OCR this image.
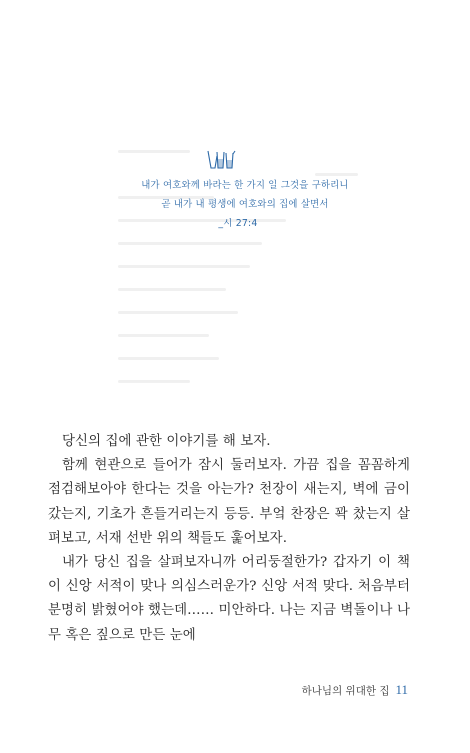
내가 여호와께 바라는 한 가지 일 그것을 구하리니
곧 내가 내 평생에 여호와의 집에 살면서
_시 27:4

당신의 집에 관한 이야기를 해 보자.

함께 현관으로 들어가 잠시 둘러보자. 가끔 집을 꼼꼼하게 점검해보아야 한다는 것을 아는가? 천장이 새는지, 벽에 금이 갔는지, 기초가 흔들거리는지 등등. 부엌 찬장은 꽉 찼는지 살펴보고, 서재 선반 위의 책들도 훑어보자.

내가 당신 집을 살펴보자니까 어리둥절한가? 갑자기 이 책이 신앙 서적이 맞나 의심스러운가? 신앙 서적 맞다. 처음부터 분명히 밝혔어야 했는데…… 미안하다. 나는 지금 벽돌이나 나무 혹은 짚으로 만든 눈에

하나님의 위대한 집 11
